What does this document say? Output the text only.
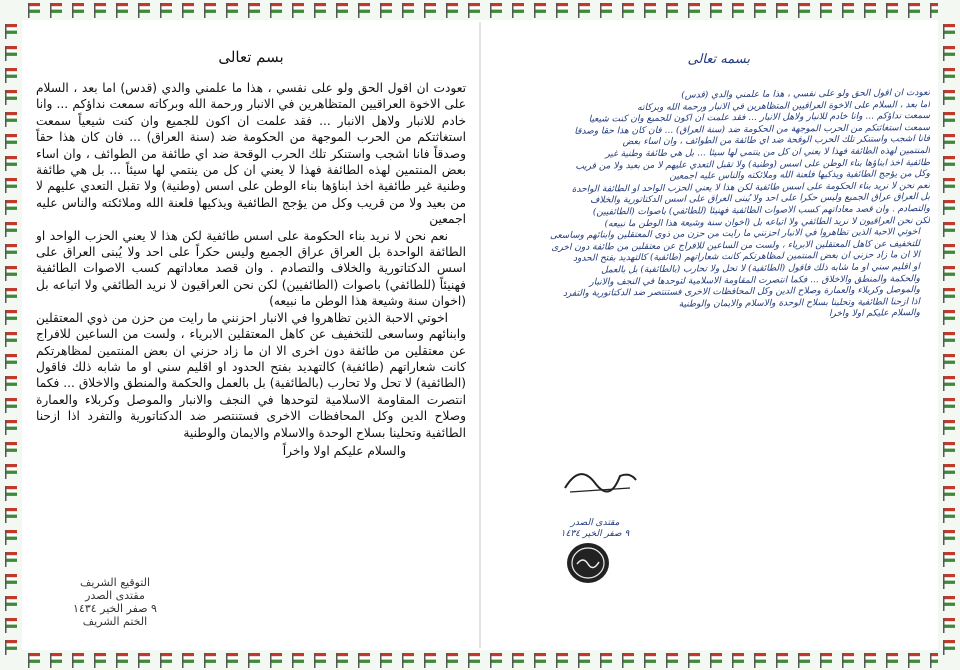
بسم تعالى

تعودت ان اقول الحق ولو على نفسي ، هذا ما علمني والدي (قدس) اما بعد ، السلام على الاخوة العراقيين المتظاهرين في الانبار ورحمة الله وبركاته سمعت نداؤكم ... وانا خادم للانبار ولاهل الانبار ... فقد علمت ان اكون للجميع وان كنت شيعياً سمعت استغاثتكم من الحرب الموجهة من الحكومة ضد (سنة العراق) ... فان كان هذا حقاً وصدقاً فانا اشجب واستنكر تلك الحرب الوقحة ضد اي طائفة من الطوائف ، وان اساء بعض المنتمين لهذه الطائفة فهذا لا يعني ان كل من ينتمي لها سيئاً ... بل هي طائفة وطنية غير طائفية اخذ ابناؤها بناء الوطن على اسس (وطنية) ولا تقبل التعدي عليهم لا من بعيد ولا من قريب وكل من يؤجج الطائفية ويذكيها فلعنة الله وملائكته والناس عليه اجمعين

نعم نحن لا نريد بناء الحكومة على اسس طائفية لكن هذا لا يعني الحزب الواحد او الطائفة الواحدة بل العراق عراق الجميع وليس حكراً على احد ولا يُبنى العراق على اسس الدكتاتورية والخلاف والتصادم . وان قصد معاداتهم كسب الاصوات الطائفية فهنيئاً (للطائفي) باصوات (الطائفيين) لكن نحن العراقيون لا نريد الطائفي ولا اتباعه بل (اخوان سنة وشيعة هذا الوطن ما نبيعه)

اخوتي الاحبة الذين تظاهروا في الانبار احزنني ما رايت من حزن من ذوي المعتقلين وابنائهم وساسعى للتخفيف عن كاهل المعتقلين الابرياء ، ولست من الساعين للافراج عن معتقلين من طائفة دون اخرى الا ان ما زاد حزني ان بعض المنتمين لمظاهرتكم كانت شعاراتهم (طائفية) كالتهديد بفتح الحدود او اقليم سني او ما شابه ذلك فاقول (الطائفية) لا تحل ولا تحارب (بالطائفية) بل بالعمل والحكمة والمنطق والاخلاق ... فكما انتصرت المقاومة الاسلامية لتوحدها في النجف والانبار والموصل وكربلاء والعمارة وصلاح الدين وكل المحافظات الاخرى فستنتصر ضد الدكتاتورية والتفرد اذا ازحنا الطائفية وتحلينا بسلاح الوحدة والاسلام والايمان والوطنية

والسلام عليكم اولا واخراً

التوقيع الشريف
مقتدى الصدر
٩ صفر الخير ١٤٣٤
الختم الشريف
بسمه تعالى
تعودت ان اقول الحق ولو على نفسي ، هذا ما علمني والدي (قدس)
اما بعد ، السلام على الاخوة العراقيين المتظاهرين في الانبار ورحمة الله وبركاته
سمعت نداؤكم ... وانا خادم للانبار ولاهل الانبار ... فقد علمت ان اكون للجميع وان كنت شيعياً
سمعت استغاثتكم من الحرب الموجهة من الحكومة ضد (سنة العراق) ... فان كان هذا حقاً وصدقاً
فانا اشجب واستنكر تلك الحرب الوقحة ضد اي طائفة من الطوائف ، وان اساء بعض
المنتمين لهذه الطائفة فهذا لا يعني ان كل من ينتمي لها سيئاً ... بل هي طائفة وطنية غير
طائفية اخذ ابناؤها بناء الوطن على اسس (وطنية) ولا تقبل التعدي عليهم لا من بعيد ولا من قريب
وكل من يؤجج الطائفية ويذكيها فلعنة الله وملائكته والناس عليه اجمعين
نعم نحن لا نريد بناء الحكومة على اسس طائفية لكن هذا لا يعني الحزب الواحد او الطائفة الواحدة
بل العراق عراق الجميع وليس حكراً على احد ولا يُبنى العراق على اسس الدكتاتورية والخلاف
والتصادم . وان قصد معاداتهم كسب الاصوات الطائفية فهنيئاً (للطائفي) باصوات (الطائفيين)
لكن نحن العراقيون لا نريد الطائفي ولا اتباعه بل (اخوان سنة وشيعة هذا الوطن ما نبيعه)
اخوتي الاحبة الذين تظاهروا في الانبار احزنني ما رايت من حزن من ذوي المعتقلين وابنائهم وساسعى
للتخفيف عن كاهل المعتقلين الابرياء ، ولست من الساعين للافراج عن معتقلين من طائفة دون اخرى
الا ان ما زاد حزني ان بعض المنتمين لمظاهرتكم كانت شعاراتهم (طائفية) كالتهديد بفتح الحدود
او اقليم سني او ما شابه ذلك فاقول (الطائفية) لا تحل ولا تحارب (بالطائفية) بل بالعمل
والحكمة والمنطق والاخلاق ... فكما انتصرت المقاومة الاسلامية لتوحدها في النجف والانبار
والموصل وكربلاء والعمارة وصلاح الدين وكل المحافظات الاخرى فستنتصر ضد الدكتاتورية والتفرد
اذا ازحنا الطائفية وتحلينا بسلاح الوحدة والاسلام والايمان والوطنية
والسلام عليكم اولا واخراً
مقتدى الصدر
٩ صفر الخير ١٤٣٤
